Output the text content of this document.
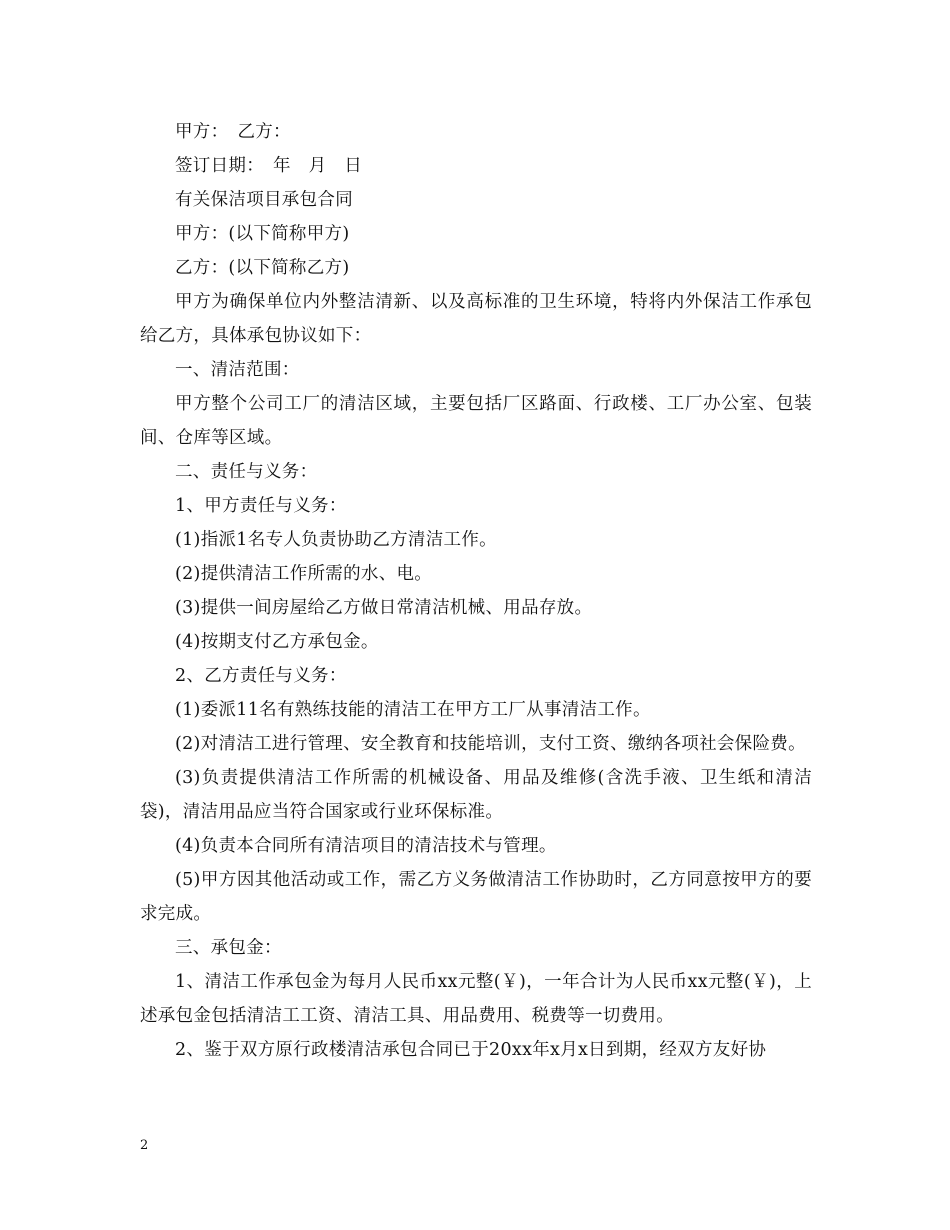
甲方：　乙方：

签订日期：　年　月　日

有关保洁项目承包合同

甲方：(以下简称甲方)

乙方：(以下简称乙方)

甲方为确保单位内外整洁清新、以及高标准的卫生环境，特将内外保洁工作承包给乙方，具体承包协议如下：

一、清洁范围：

甲方整个公司工厂的清洁区域，主要包括厂区路面、行政楼、工厂办公室、包装间、仓库等区域。

二、责任与义务：

1、甲方责任与义务：

(1)指派1名专人负责协助乙方清洁工作。

(2)提供清洁工作所需的水、电。

(3)提供一间房屋给乙方做日常清洁机械、用品存放。

(4)按期支付乙方承包金。

2、乙方责任与义务：

(1)委派11名有熟练技能的清洁工在甲方工厂从事清洁工作。

(2)对清洁工进行管理、安全教育和技能培训，支付工资、缴纳各项社会保险费。

(3)负责提供清洁工作所需的机械设备、用品及维修(含洗手液、卫生纸和清洁袋)，清洁用品应当符合国家或行业环保标准。

(4)负责本合同所有清洁项目的清洁技术与管理。

(5)甲方因其他活动或工作，需乙方义务做清洁工作协助时，乙方同意按甲方的要求完成。

三、承包金：

1、清洁工作承包金为每月人民币xx元整(￥)，一年合计为人民币xx元整(￥)，上述承包金包括清洁工工资、清洁工具、用品费用、税费等一切费用。

2、鉴于双方原行政楼清洁承包合同已于20xx年x月x日到期，经双方友好协

2
